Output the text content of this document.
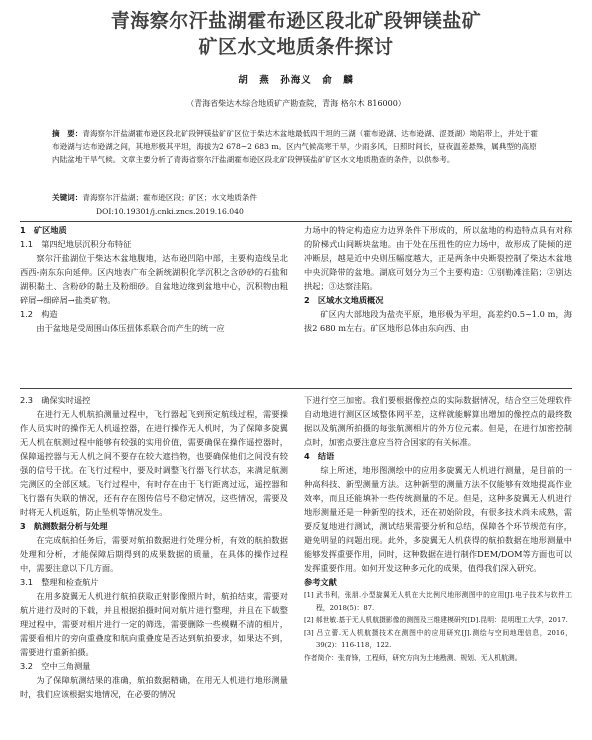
青海察尔汗盐湖霍布逊区段北矿段钾镁盐矿
矿区水文地质条件探讨
胡　燕　孙海义　俞　麟
（青海省柴达木综合地质矿产勘查院，青海 格尔木 816000）
摘　要：青海察尔汗盐湖霍布逊区段北矿段钾镁盐矿矿区位于柴达木盆地最低四干坦的三湖（霍布逊湖、达布逊湖、涩聂湖）坳陷带上，并处于霍布逊湖与达布逊湖之间，其地形极其平坦，海拔为2 678~2 683 m。区内气候高寒干旱，少雨多风，日照时间长，昼夜温差悬殊，属典型的高原内陆盆地干旱气候。文章主要分析了青海省察尔汗盐湖霍布逊区段北矿段钾镁盐矿矿区水文地质勘查的条件，以供参考。
关键词：青海察尔汗盐湖；霍布逊区段；矿区；水文地质条件
DOI:10.19301/j.cnki.zncs.2019.16.040

1　矿区地质

1.1　第四纪地层沉积分布特征

察尔汗盐湖位于柴达木盆地腹地，达布逊凹陷中部，主要构造线呈北西西-南东东向延伸。区内地表广布全新统湖积化学沉积之含砂砂的石盐和湖积黏土、含粉砂的黏土及粉细砂。自盆地边缘到盆地中心，沉积物由粗碎屑→细碎屑→盐类矿物。

1.2　构造

由于盆地是受周围山体压扭体系联合而产生的统一应

力场中的特定构造应力边界条件下形成的，所以盆地的构造特点具有对称的阶梯式山间断块盆地。由于处在压扭性的应力场中，故形成了陡倾的逆冲断层，越是近中央则压幅度越大，正是两条中央断裂控制了柴达木盆地中央沉降带的盆地。湖底可划分为三个主要构造：①别勒滩洼陷；②别达拱起；③达察洼陷。

2　区域水文地质概况

矿区内大部地段为盐壳平原，地形极为平坦，高差约0.5~1.0 m，海拔2 680 m左右。矿区地形总体由东向西、由

2.3　确保实时遥控

在进行无人机航拍测量过程中，飞行器起飞到预定航线过程，需要操作人员实时的操作无人机遥控器，在进行操作无人机时，为了保障多旋翼无人机在航测过程中能够有较强的实用价值，需要确保在操作遥控器时，保障遥控器与无人机之间不要存在较大遮挡物，也要确保他们之间没有较强的信号干扰。在飞行过程中，要及时调整飞行器飞行状态，来满足航测完测区的全部区域。飞行过程中，有时存在由于飞行距离过远，遥控器和飞行器有失联的情况，还有存在图传信号不稳定情况，这些情况，需要及时将无人机返航，防止坠机等情况发生。

3　航测数据分析与处理

在完成航拍任务后，需要对航拍数据进行处理分析，有效的航拍数据处理和分析，才能保障后期得到的成果数据的质量，在具体的操作过程中，需要注意以下几方面。

3.1　整理和检查航片

在用多旋翼无人机进行航拍获取正射影像照片时，航拍结束，需要对航片进行及时的下载，并且根据拍摄时间对航片进行整理，并且在下载整理过程中，需要对相片进行一定的筛选，需要删除一些模糊不清的相片，需要看相片的旁向重叠度和航向重叠度是否达到航拍要求，如果达不到，需要进行重新拍摄。

3.2　空中三角测量

为了保障航测结果的准确，航拍数据精确，在用无人机进行地形测量时，我们应该根据实地情况，在必要的情况

下进行空三加密。我们要根据像控点的实际数据情况，结合空三处理软件自动地进行测区区域整体网平差，这样就能解算出增加的像控点的最终数据以及航测所拍摄的每张航测相片的外方位元素。但是，在进行加密控制点时，加密点要注意应当符合国家的有关标准。

4　结语

综上所述，地形图测绘中的应用多旋翼无人机进行测量，是目前的一种高科技、新型测量方法。这种新型的测量方法不仅能够有效地提高作业效率，而且还能填补一些传统测量的不足。但是，这种多旋翼无人机进行地形测量还是一种新型的技术，还在初始阶段，有很多技术尚未成熟，需要反复地进行测试，测试结果需要分析和总结，保障各个环节规范有序，避免明显的问题出现。此外，多旋翼无人机获得的航拍数据在地形测量中能够发挥重要作用，同时，这种数据在进行制作DEM/DOM等方面也可以发挥重要作用。如何开发这种多元化的成果，值得我们深入研究。

参考文献

[1] 武书利，张朋.小型旋翼无人机在大比例尺地形测图中的应用[J].电子技术与软件工程，2018(5)：87.

[2] 郝世敏.基于无人机航摄影像的测图及三维建模研究[D].昆明：昆明理工大学，2017.

[3] 吕立蕾.无人机航摄技术在测图中的应用研究[J].测绘与空间地理信息，2016，39(2)：116-118，122.

作者简介：张育锋，工程师，研究方向为土地勘测、规划、无人机航测。
